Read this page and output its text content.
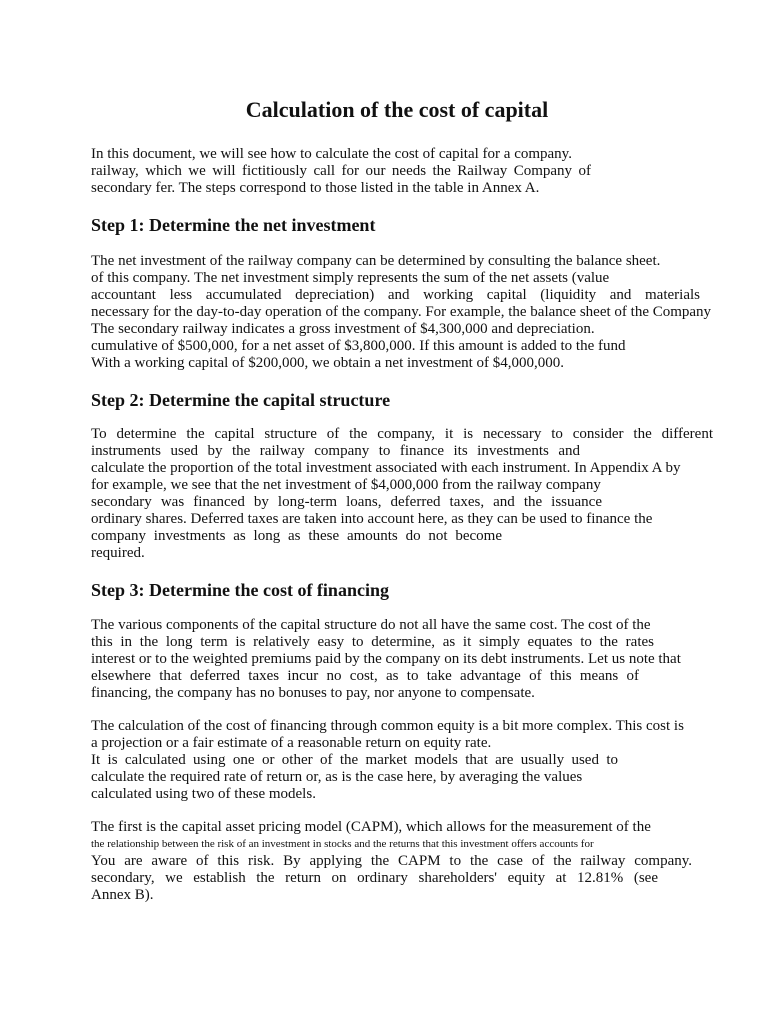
Calculation of the cost of capital
In this document, we will see how to calculate the cost of capital for a company.
railway, which we will fictitiously call for our needs the Railway Company of
secondary fer. The steps correspond to those listed in the table in Annex A.
Step 1: Determine the net investment
The net investment of the railway company can be determined by consulting the balance sheet.
of this company. The net investment simply represents the sum of the net assets (value
accountant less accumulated depreciation) and working capital (liquidity and materials
necessary for the day-to-day operation of the company. For example, the balance sheet of the Company
The secondary railway indicates a gross investment of $4,300,000 and depreciation.
cumulative of $500,000, for a net asset of $3,800,000. If this amount is added to the fund
With a working capital of $200,000, we obtain a net investment of $4,000,000.
Step 2: Determine the capital structure
To determine the capital structure of the company, it is necessary to consider the different
instruments used by the railway company to finance its investments and
calculate the proportion of the total investment associated with each instrument. In Appendix A by
for example, we see that the net investment of $4,000,000 from the railway company
secondary was financed by long-term loans, deferred taxes, and the issuance
ordinary shares. Deferred taxes are taken into account here, as they can be used to finance the
company investments as long as these amounts do not become
required.
Step 3: Determine the cost of financing
The various components of the capital structure do not all have the same cost. The cost of the
this in the long term is relatively easy to determine, as it simply equates to the rates
interest or to the weighted premiums paid by the company on its debt instruments. Let us note that
elsewhere that deferred taxes incur no cost, as to take advantage of this means of
financing, the company has no bonuses to pay, nor anyone to compensate.
The calculation of the cost of financing through common equity is a bit more complex. This cost is
a projection or a fair estimate of a reasonable return on equity rate.
It is calculated using one or other of the market models that are usually used to
calculate the required rate of return or, as is the case here, by averaging the values
calculated using two of these models.
The first is the capital asset pricing model (CAPM), which allows for the measurement of the
the relationship between the risk of an investment in stocks and the returns that this investment offers accounts for
You are aware of this risk. By applying the CAPM to the case of the railway company.
secondary, we establish the return on ordinary shareholders' equity at 12.81% (see
Annex B).
